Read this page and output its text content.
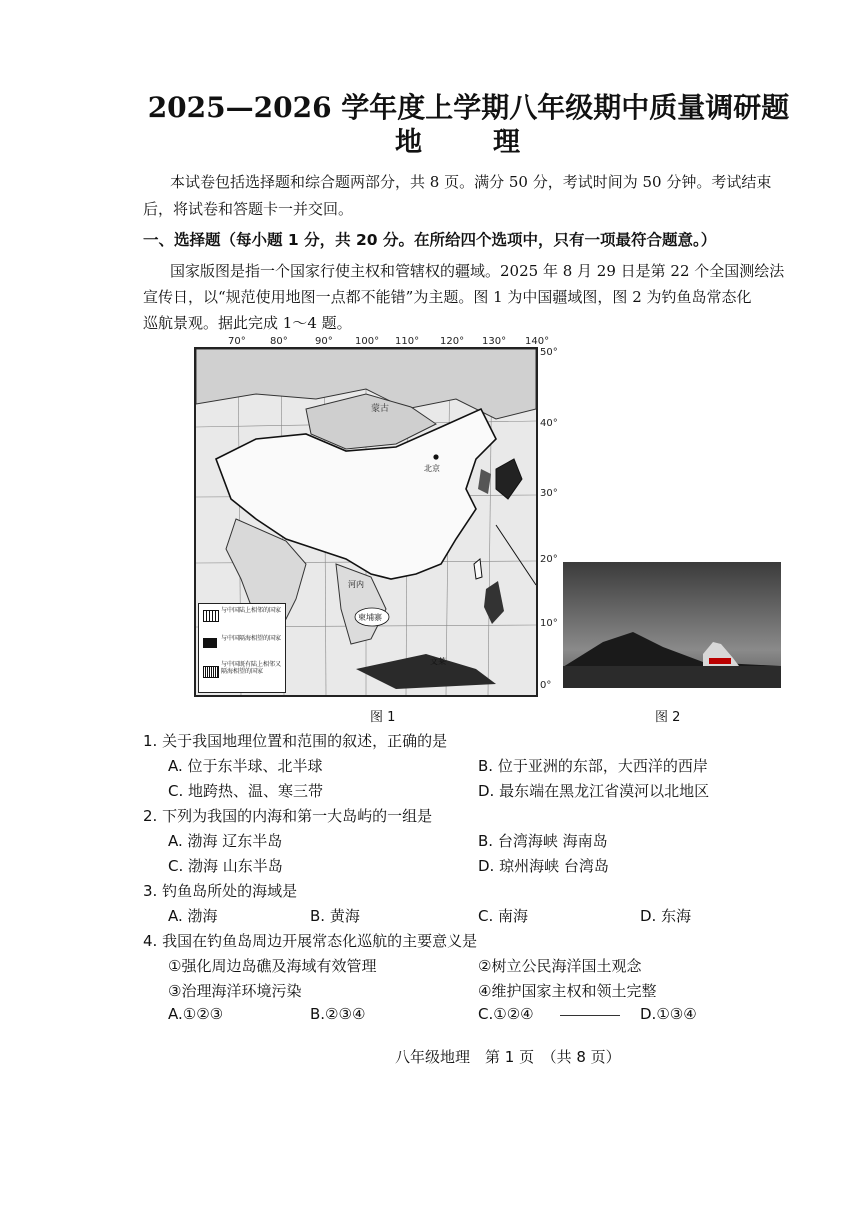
2025—2026 学年度上学期八年级期中质量调研题
地　理
本试卷包括选择题和综合题两部分，共 8 页。满分 50 分，考试时间为 50 分钟。考试结束
后，将试卷和答题卡一并交回。
一、选择题（每小题 1 分，共 20 分。在所给四个选项中，只有一项最符合题意。）
国家版图是指一个国家行使主权和管辖权的疆域。2025 年 8 月 29 日是第 22 个全国测绘法
宣传日，以“规范使用地图一点都不能错”为主题。图 1 为中国疆域图，图 2 为钓鱼岛常态化
巡航景观。据此完成 1～4 题。
70° 80°	90° 100° 110° 120° 130° 140°
蒙古
北京
河内
柬埔寨
文莱
与中国陆上相邻的国家
与中国隔海相望的国家
与中国既有陆上相邻又隔海相望的国家
50°
40°
30°
20°
10°
0°
图 1	图 2
1. 关于我国地理位置和范围的叙述，正确的是
A. 位于东半球、北半球	B. 位于亚洲的东部，大西洋的西岸
C. 地跨热、温、寒三带	D. 最东端在黑龙江省漠河以北地区
2. 下列为我国的内海和第一大岛屿的一组是
A. 渤海 辽东半岛	B. 台湾海峡 海南岛
C. 渤海 山东半岛	D. 琼州海峡 台湾岛
3. 钓鱼岛所处的海域是
A. 渤海	B. 黄海	C. 南海	D. 东海
4. 我国在钓鱼岛周边开展常态化巡航的主要意义是
①强化周边岛礁及海域有效管理	②树立公民海洋国土观念
③治理海洋环境污染	④维护国家主权和领土完整
A.①②③	B.②③④	C.①②④	D.①③④
八年级地理　第 1 页　（共 8 页）
